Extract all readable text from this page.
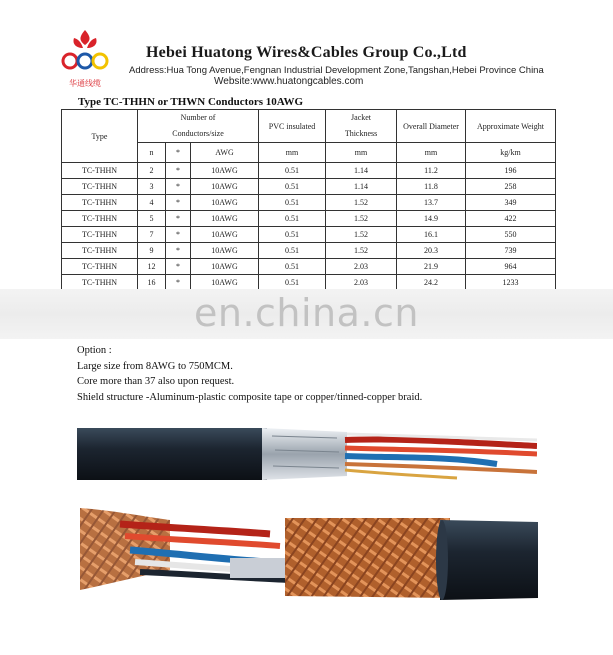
华通线缆
Hebei Huatong Wires&Cables Group Co.,Ltd
Address:Hua Tong Avenue,Fengnan Industrial Development Zone,Tangshan,Hebei Province China
Website:www.huatongcables.com
Type TC-THHN or THWN Conductors 10AWG
Type	Number of Conductors/size			PVC insulated	Jacket Thickness	Overall Diameter	Approximate Weight
	n	*	AWG	mm	mm	mm	kg/km
TC-THHN	2	*	10AWG	0.51	1.14	11.2	196
TC-THHN	3	*	10AWG	0.51	1.14	11.8	258
TC-THHN	4	*	10AWG	0.51	1.52	13.7	349
TC-THHN	5	*	10AWG	0.51	1.52	14.9	422
TC-THHN	7	*	10AWG	0.51	1.52	16.1	550
TC-THHN	9	*	10AWG	0.51	1.52	20.3	739
TC-THHN	12	*	10AWG	0.51	2.03	21.9	964
TC-THHN	16	*	10AWG	0.51	2.03	24.2	1233
en.china.cn
Option :
Large size from 8AWG to 750MCM.
Core more than 37 also upon request.
Shield structure -Aluminum-plastic composite tape or copper/tinned-copper braid.
